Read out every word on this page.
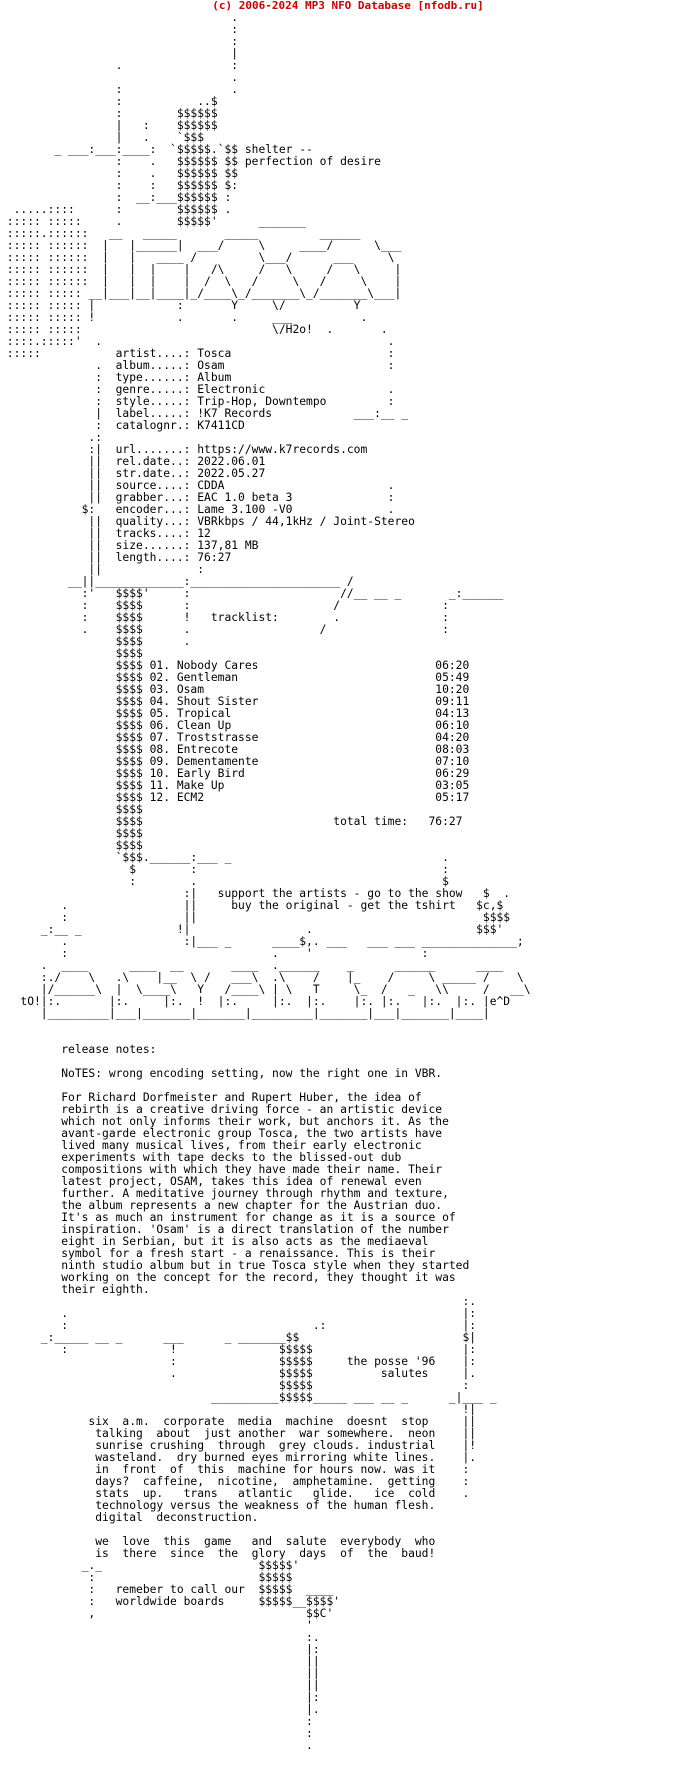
(c) 2006-2024 MP3 NFO Database [nfodb.ru]
.
:
:
|
.                :
.
:                .
:           ..$
:        $$$$$$
|   :    $$$$$$
|   .    `$$$
_ ___:___:____:  `$$$$$.`$$ shelter --
:    .   $$$$$$ $$ perfection of desire
:    .   $$$$$$ $$
:    :   $$$$$$ $:
:  __:___$$$$$$ :
.....::::      :        $$$$$$ .
::::: :::::     .        $$$$$'      _______
:::::.::::::   __   _____       _____         ______
::::: ::::::  |   |______|  ___/     \     ____/      \___
::::: ::::::  |   |   ____ /         \___/      ___     \
::::: ::::::  |   |  |    |   /\     /   \     /   \     |
::::: ::::::  |   |  |    |  /  \   /     \   /     \    |
::::: ::::: __|___|__|____|_/____\_/_______\_/_______\___|
::::: ::::: |            :       Y     \/          Y
::::: ::::: !            .       .     ___          .
::::: :::::                            \/H2o!  .       .
::::.:::::'  .                                          .
:::::           artist....: Tosca                       :
.  album.....: Osam                        :
:  type......: Album
:  genre.....: Electronic                  .
:  style.....: Trip-Hop, Downtempo         :
|  label.....: !K7 Records            ___:__ _
:  catalognr.: K7411CD
.:
:|  url.......: https://www.k7records.com
||  rel.date..: 2022.06.01
||  str.date..: 2022.05.27
||  source....: CDDA                        .
||  grabber...: EAC 1.0 beta 3              :
$:   encoder...: Lame 3.100 -V0              .
||  quality...: VBRkbps / 44,1kHz / Joint-Stereo
||  tracks....: 12
||  size......: 137,81 MB
||  length....: 76:27
||              :
__||_____________:______________________ /
:'   $$$$'     :                      //__ __ _       _:______
:    $$$$      :                     /               :
:    $$$$      !   tracklist:        .               :
.    $$$$      .                   /                 :
$$$$      .
$$$$
$$$$ 01. Nobody Cares                          06:20
$$$$ 02. Gentleman                             05:49
$$$$ 03. Osam                                  10:20
$$$$ 04. Shout Sister                          09:11
$$$$ 05. Tropical                              04:13
$$$$ 06. Clean Up                              06:10
$$$$ 07. Troststrasse                          04:20
$$$$ 08. Entrecote                             08:03
$$$$ 09. Dementamente                          07:10
$$$$ 10. Early Bird                            06:29
$$$$ 11. Make Up                               03:05
$$$$ 12. ECM2                                  05:17
$$$$
$$$$                            total time:   76:27
$$$$
$$$$
`$$$.______:___ _                               .
$        :                                    :
:        .                                    $
:|   support the artists - go to the show   $  .
.                 ||     buy the original - get the tshirt   $c,$
:                 ||                                          $$$$
_:__ _              !|                 .                        $$$'
.                 :|___ _      ____$,. ___   ___ ___ ______________;
:                              .    '                :
.  ____      ____  __       ____  .______    _      ______      ____
:./    \   .\    |__  \ /   ___\  .\    /    |_    /     \ _____ /    \
|/______\  |  \____\   Y   /____\ | \   T     \_  /   _   \\     /   __\
tO!|:.       |:.     |:.  !  |:.     |:.  |:.    |:. |:.   |:.  |:. |e^D
|_________|___|_______|_______|_________|_______|___|_______|____|

release notes:

NoTES: wrong encoding setting, now the right one in VBR.

For Richard Dorfmeister and Rupert Huber, the idea of
rebirth is a creative driving force - an artistic device
which not only informs their work, but anchors it. As the
avant-garde electronic group Tosca, the two artists have
lived many musical lives, from their early electronic
experiments with tape decks to the blissed-out dub
compositions with which they have made their name. Their
latest project, OSAM, takes this idea of renewal even
further. A meditative journey through rhythm and texture,
the album represents a new chapter for the Austrian duo.
It's as much an instrument for change as it is a source of
inspiration. 'Osam' is a direct translation of the number
eight in Serbian, but it is also acts as the mediaeval
symbol for a fresh start - a renaissance. This is their
ninth studio album but in true Tosca style when they started
working on the concept for the record, they thought it was
their eighth.
:.
.                                                          |:
:                                    .:                    |:
_:_____ __ _      ___      _ _______$$                        $|
:               !               $$$$$                      |:
:               $$$$$     the posse '96    |:
.               $$$$$          salutes     |.
$$$$$                      :
__________$$$$$_____ ___ __ _      _|___ _
!|
six  a.m.  corporate  media  machine  doesnt  stop     ||
talking  about  just another  war somewhere.  neon    ||
sunrise crushing  through  grey clouds. industrial    |!
wasteland.  dry burned eyes mirroring white lines.    |.
in  front  of  this  machine for hours now. was it    :
days?  caffeine,  nicotine,  amphetamine.  getting    :
stats  up.   trans   atlantic   glide.   ice  cold    .
technology versus the weakness of the human flesh.
digital  deconstruction.

we  love  this  game   and  salute  everybody  who
is  there  since  the  glory  days  of  the  baud!
_._                       $$$$$'
:                        $$$$$
:   remeber to call our  $$$$$  ____
:   worldwide boards     $$$$$__$$$$'
,                               $$C'
'
:.
|:
||
||
||
|:
|.
:
:
.
